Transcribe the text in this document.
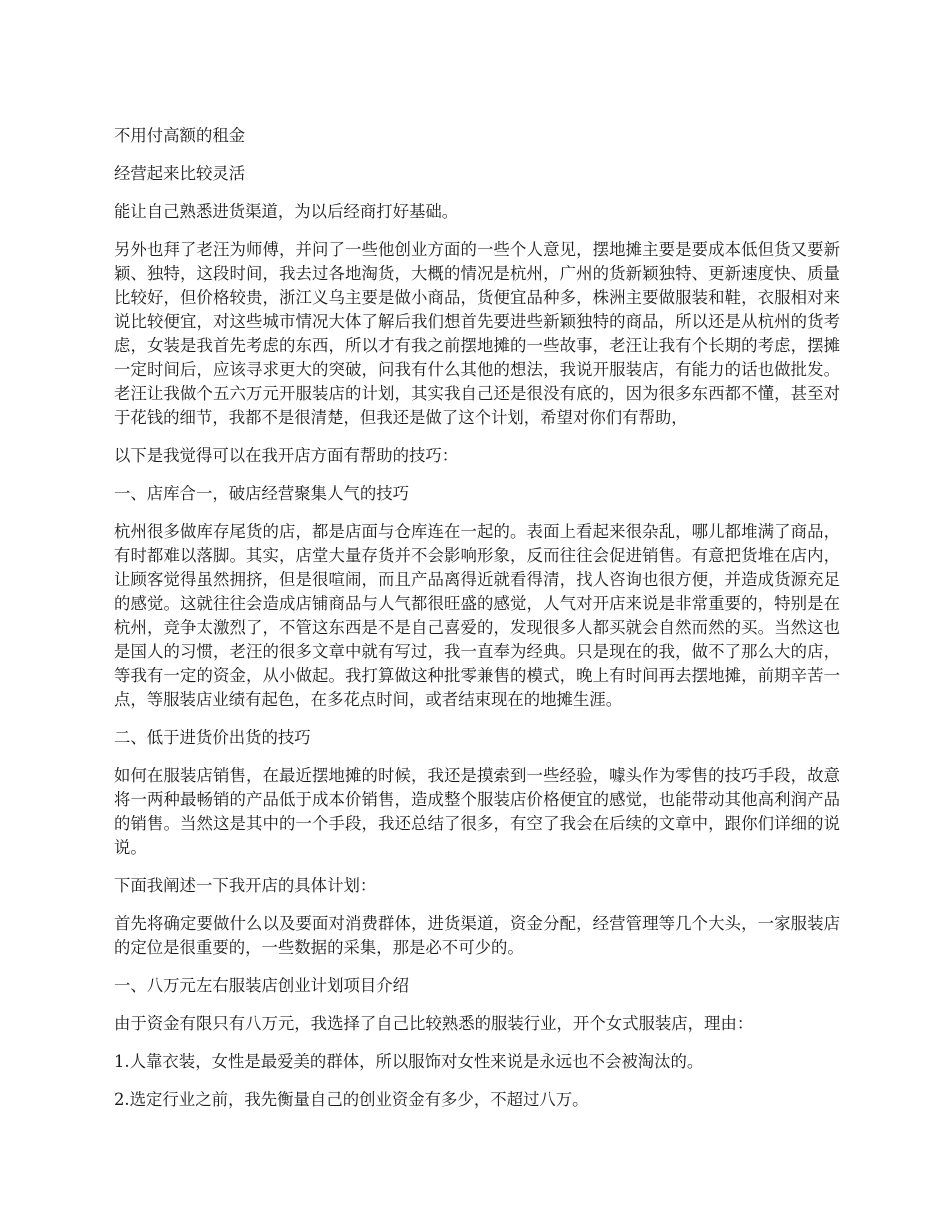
不用付高额的租金

经营起来比较灵活

能让自己熟悉进货渠道，为以后经商打好基础。

另外也拜了老汪为师傅，并问了一些他创业方面的一些个人意见，摆地摊主要是要成本低但货又要新颖、独特，这段时间，我去过各地淘货，大概的情况是杭州，广州的货新颖独特、更新速度快、质量比较好，但价格较贵，浙江义乌主要是做小商品，货便宜品种多，株洲主要做服装和鞋，衣服相对来说比较便宜，对这些城市情况大体了解后我们想首先要进些新颖独特的商品，所以还是从杭州的货考虑，女装是我首先考虑的东西，所以才有我之前摆地摊的一些故事，老汪让我有个长期的考虑，摆摊一定时间后，应该寻求更大的突破，问我有什么其他的想法，我说开服装店，有能力的话也做批发。老汪让我做个五六万元开服装店的计划，其实我自己还是很没有底的，因为很多东西都不懂，甚至对于花钱的细节，我都不是很清楚，但我还是做了这个计划，希望对你们有帮助，

以下是我觉得可以在我开店方面有帮助的技巧：

一、店库合一，破店经营聚集人气的技巧

杭州很多做库存尾货的店，都是店面与仓库连在一起的。表面上看起来很杂乱，哪儿都堆满了商品，有时都难以落脚。其实，店堂大量存货并不会影响形象，反而往往会促进销售。有意把货堆在店内，让顾客觉得虽然拥挤，但是很喧闹，而且产品离得近就看得清，找人咨询也很方便，并造成货源充足的感觉。这就往往会造成店铺商品与人气都很旺盛的感觉，人气对开店来说是非常重要的，特别是在杭州，竞争太激烈了，不管这东西是不是自己喜爱的，发现很多人都买就会自然而然的买。当然这也是国人的习惯，老汪的很多文章中就有写过，我一直奉为经典。只是现在的我，做不了那么大的店，等我有一定的资金，从小做起。我打算做这种批零兼售的模式，晚上有时间再去摆地摊，前期辛苦一点，等服装店业绩有起色，在多花点时间，或者结束现在的地摊生涯。

二、低于进货价出货的技巧

如何在服装店销售，在最近摆地摊的时候，我还是摸索到一些经验，噱头作为零售的技巧手段，故意将一两种最畅销的产品低于成本价销售，造成整个服装店价格便宜的感觉，也能带动其他高利润产品的销售。当然这是其中的一个手段，我还总结了很多，有空了我会在后续的文章中，跟你们详细的说说。

下面我阐述一下我开店的具体计划：

首先将确定要做什么以及要面对消费群体，进货渠道，资金分配，经营管理等几个大头，一家服装店的定位是很重要的，一些数据的采集，那是必不可少的。

一、八万元左右服装店创业计划项目介绍

由于资金有限只有八万元，我选择了自己比较熟悉的服装行业，开个女式服装店，理由：

1.人靠衣装，女性是最爱美的群体，所以服饰对女性来说是永远也不会被淘汰的。

2.选定行业之前，我先衡量自己的创业资金有多少，不超过八万。
